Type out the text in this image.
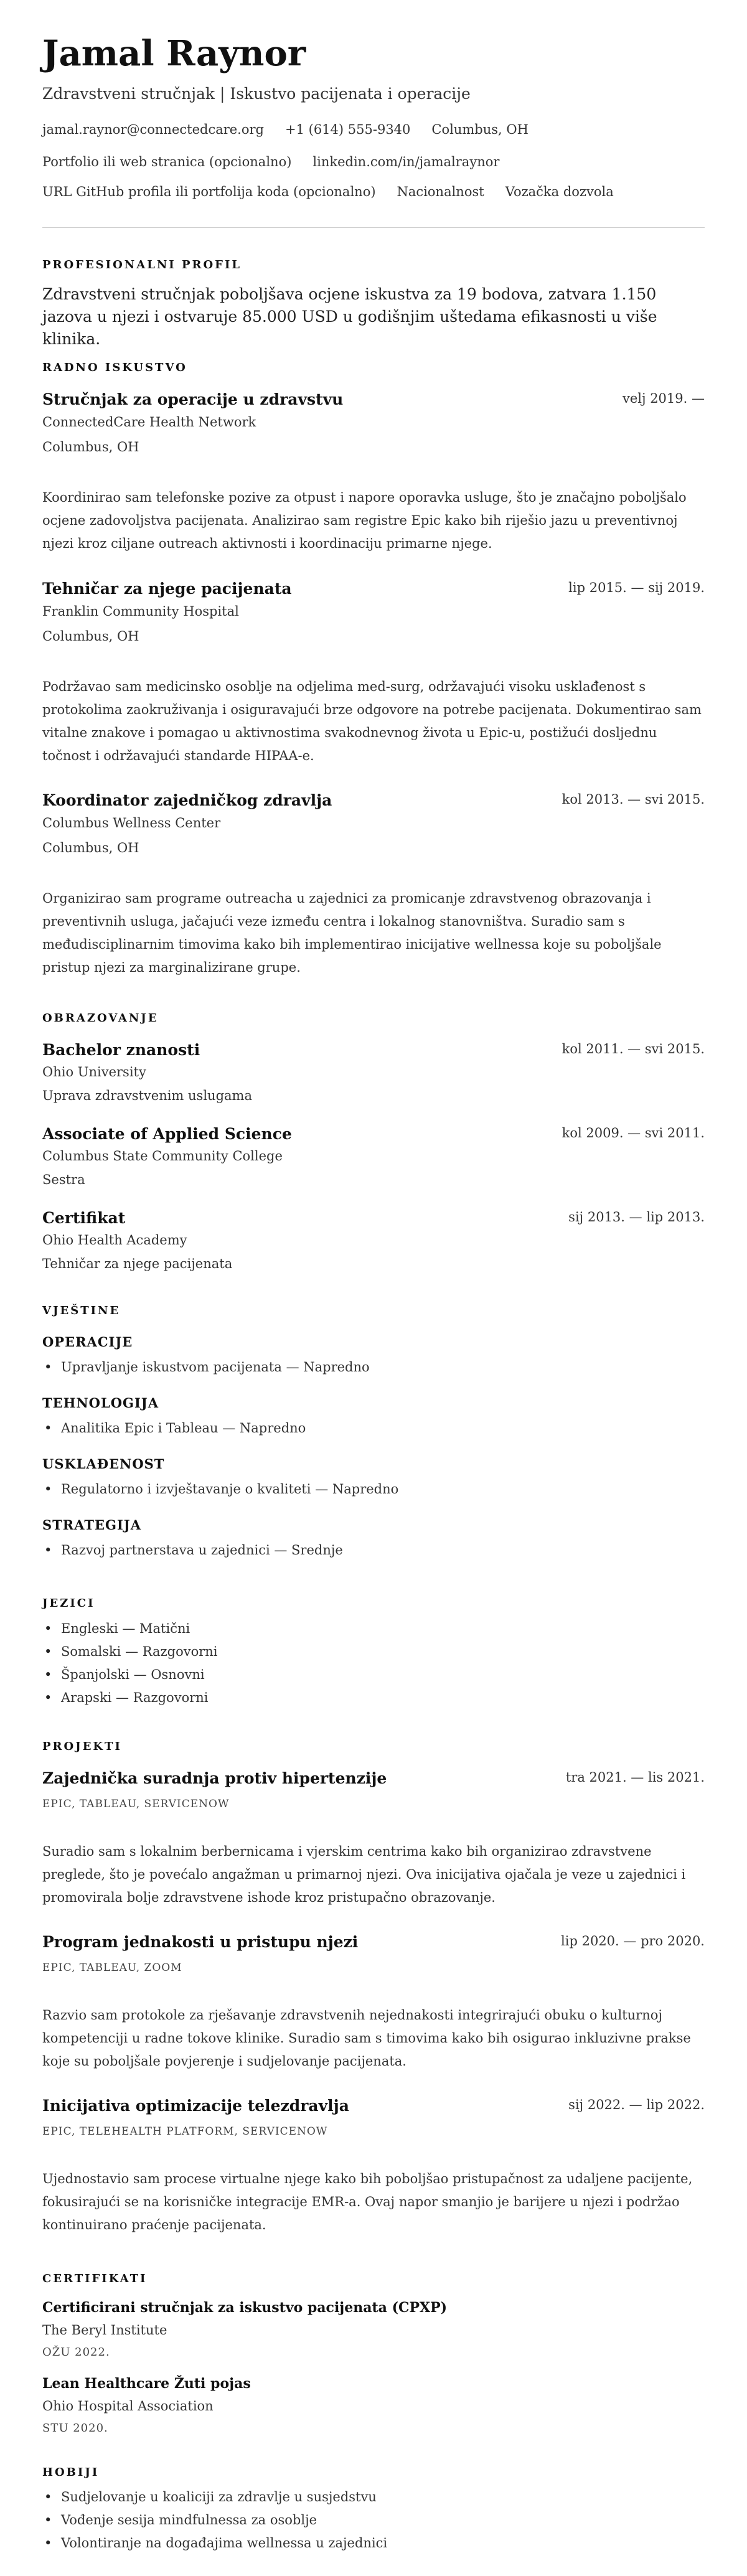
Jamal Raynor
Zdravstveni stručnjak | Iskustvo pacijenata i operacije
jamal.raynor@connectedcare.org +1 (614) 555-9340 Columbus, OH
Portfolio ili web stranica (opcionalno) linkedin.com/in/jamalraynor
URL GitHub profila ili portfolija koda (opcionalno) Nacionalnost Vozačka dozvola
PROFESIONALNI PROFIL
Zdravstveni stručnjak poboljšava ocjene iskustva za 19 bodova, zatvara 1.150 jazova u njezi i ostvaruje 85.000 USD u godišnjim uštedama efikasnosti u više klinika.
RADNO ISKUSTVO
Stručnjak za operacije u zdravstvu	velj 2019. —
ConnectedCare Health Network
Columbus, OH
Koordinirao sam telefonske pozive za otpust i napore oporavka usluge, što je značajno poboljšalo ocjene zadovoljstva pacijenata. Analizirao sam registre Epic kako bih riješio jazu u preventivnoj njezi kroz ciljane outreach aktivnosti i koordinaciju primarne njege.
Tehničar za njege pacijenata	lip 2015. — sij 2019.
Franklin Community Hospital
Columbus, OH
Podržavao sam medicinsko osoblje na odjelima med-surg, održavajući visoku usklađenost s protokolima zaokruživanja i osiguravajući brze odgovore na potrebe pacijenata. Dokumentirao sam vitalne znakove i pomagao u aktivnostima svakodnevnog života u Epic-u, postižući dosljednu točnost i održavajući standarde HIPAA-e.
Koordinator zajedničkog zdravlja	kol 2013. — svi 2015.
Columbus Wellness Center
Columbus, OH
Organizirao sam programe outreacha u zajednici za promicanje zdravstvenog obrazovanja i preventivnih usluga, jačajući veze između centra i lokalnog stanovništva. Suradio sam s međudisciplinarnim timovima kako bih implementirao inicijative wellnessa koje su poboljšale pristup njezi za marginalizirane grupe.
OBRAZOVANJE
Bachelor znanosti	kol 2011. — svi 2015.
Ohio University
Uprava zdravstvenim uslugama
Associate of Applied Science	kol 2009. — svi 2011.
Columbus State Community College
Sestra
Certifikat	sij 2013. — lip 2013.
Ohio Health Academy
Tehničar za njege pacijenata
VJEŠTINE
OPERACIJE
• Upravljanje iskustvom pacijenata — Napredno
TEHNOLOGIJA
• Analitika Epic i Tableau — Napredno
USKLAĐENOST
• Regulatorno i izvještavanje o kvaliteti — Napredno
STRATEGIJA
• Razvoj partnerstava u zajednici — Srednje
JEZICI
• Engleski — Matični
• Somalski — Razgovorni
• Španjolski — Osnovni
• Arapski — Razgovorni
PROJEKTI
Zajednička suradnja protiv hipertenzije	tra 2021. — lis 2021.
EPIC, TABLEAU, SERVICENOW
Suradio sam s lokalnim berbernicama i vjerskim centrima kako bih organizirao zdravstvene preglede, što je povećalo angažman u primarnoj njezi. Ova inicijativa ojačala je veze u zajednici i promovirala bolje zdravstvene ishode kroz pristupačno obrazovanje.
Program jednakosti u pristupu njezi	lip 2020. — pro 2020.
EPIC, TABLEAU, ZOOM
Razvio sam protokole za rješavanje zdravstvenih nejednakosti integrirajući obuku o kulturnoj kompetenciji u radne tokove klinike. Suradio sam s timovima kako bih osigurao inkluzivne prakse koje su poboljšale povjerenje i sudjelovanje pacijenata.
Inicijativa optimizacije telezdravlja	sij 2022. — lip 2022.
EPIC, TELEHEALTH PLATFORM, SERVICENOW
Ujednostavio sam procese virtualne njege kako bih poboljšao pristupačnost za udaljene pacijente, fokusirajući se na korisničke integracije EMR-a. Ovaj napor smanjio je barijere u njezi i podržao kontinuirano praćenje pacijenata.
CERTIFIKATI
Certificirani stručnjak za iskustvo pacijenata (CPXP)
The Beryl Institute
OŽU 2022.
Lean Healthcare Žuti pojas
Ohio Hospital Association
STU 2020.
HOBIJI
• Sudjelovanje u koaliciji za zdravlje u susjedstvu
• Vođenje sesija mindfulnessa za osoblje
• Volontiranje na događajima wellnessa u zajednici
